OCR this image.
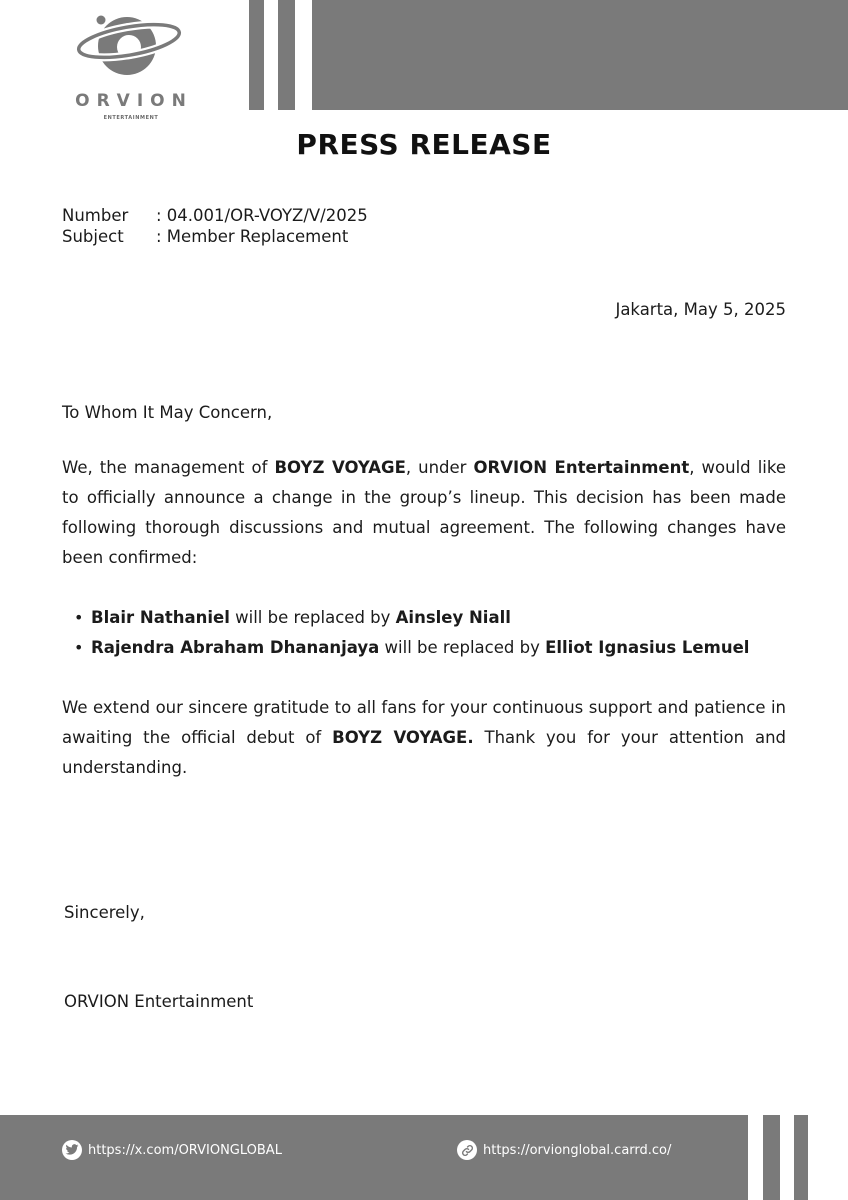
ORVION
ENTERTAINMENT
PRESS RELEASE
Number	: 04.001/OR-VOYZ/V/2025
Subject	: Member Replacement
Jakarta, May 5, 2025
To Whom It May Concern,
We, the management of BOYZ VOYAGE, under ORVION Entertainment, would like to officially announce a change in the group’s lineup. This decision has been made following thorough discussions and mutual agreement. The following changes have been confirmed:
• Blair Nathaniel will be replaced by Ainsley Niall
• Rajendra Abraham Dhananjaya will be replaced by Elliot Ignasius Lemuel
We extend our sincere gratitude to all fans for your continuous support and patience in awaiting the official debut of BOYZ VOYAGE. Thank you for your attention and understanding.
Sincerely,
ORVION Entertainment
https://x.com/ORVIONGLOBAL	https://orvionglobal.carrd.co/
